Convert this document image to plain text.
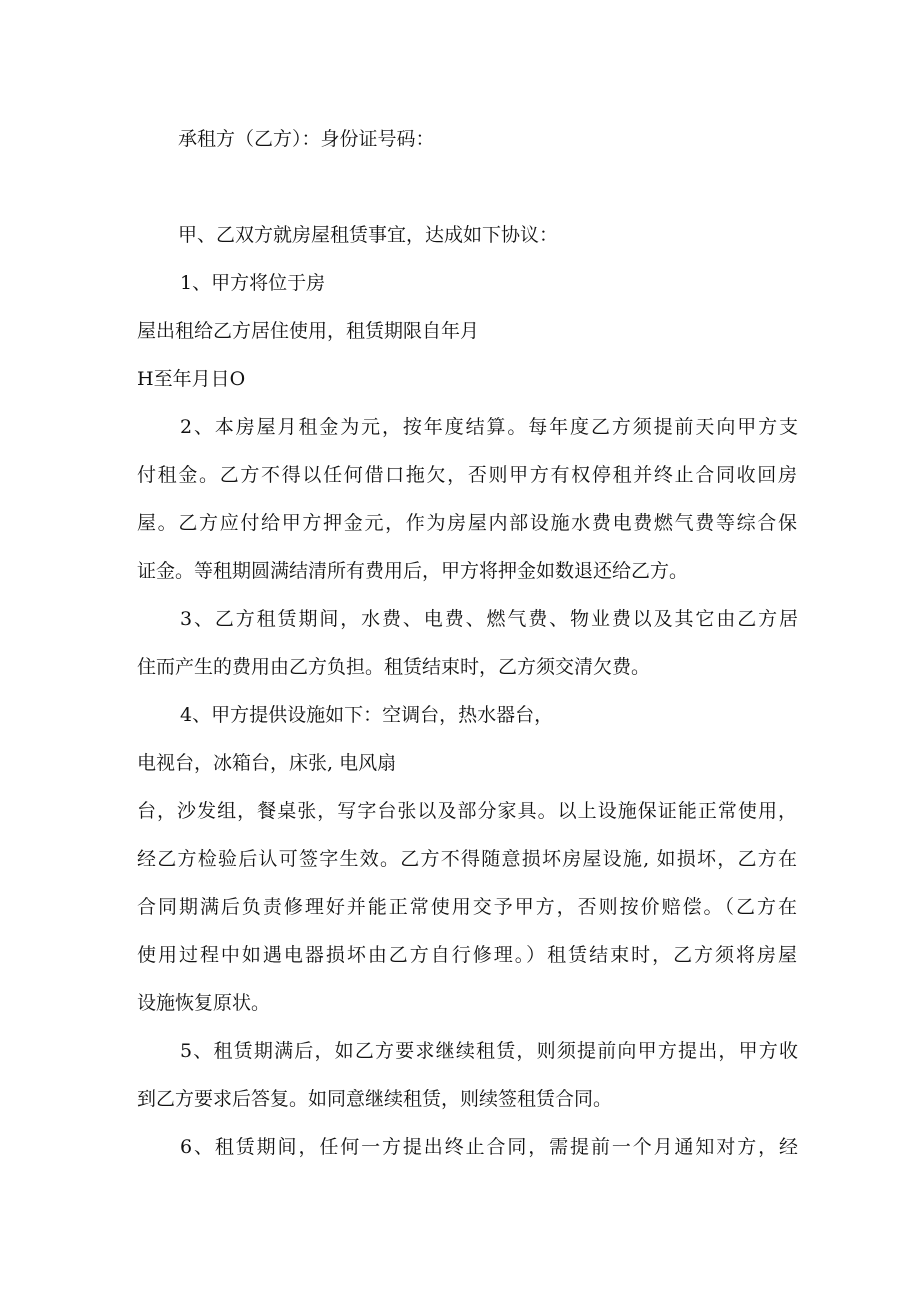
承租方（乙方）：身份证号码：
甲、乙双方就房屋租赁事宜，达成如下协议：
1、甲方将位于房
屋出租给乙方居住使用，租赁期限自年月
H至年月日O
2、本房屋月租金为元，按年度结算。每年度乙方须提前天向甲方支
付租金。乙方不得以任何借口拖欠，否则甲方有权停租并终止合同收回房
屋。乙方应付给甲方押金元，作为房屋内部设施水费电费燃气费等综合保
证金。等租期圆满结清所有费用后，甲方将押金如数退还给乙方。
3、乙方租赁期间，水费、电费、燃气费、物业费以及其它由乙方居
住而产生的费用由乙方负担。租赁结束时，乙方须交清欠费。
4、甲方提供设施如下：空调台，热水器台，
电视台，冰箱台，床张, 电风扇
台，沙发组，餐桌张，写字台张以及部分家具。以上设施保证能正常使用，
经乙方检验后认可签字生效。乙方不得随意损坏房屋设施, 如损坏，乙方在
合同期满后负责修理好并能正常使用交予甲方，否则按价赔偿。（乙方在
使用过程中如遇电器损坏由乙方自行修理。）租赁结束时，乙方须将房屋
设施恢复原状。
5、租赁期满后，如乙方要求继续租赁，则须提前向甲方提出，甲方收
到乙方要求后答复。如同意继续租赁，则续签租赁合同。
6、租赁期间，任何一方提出终止合同，需提前一个月通知对方，经
